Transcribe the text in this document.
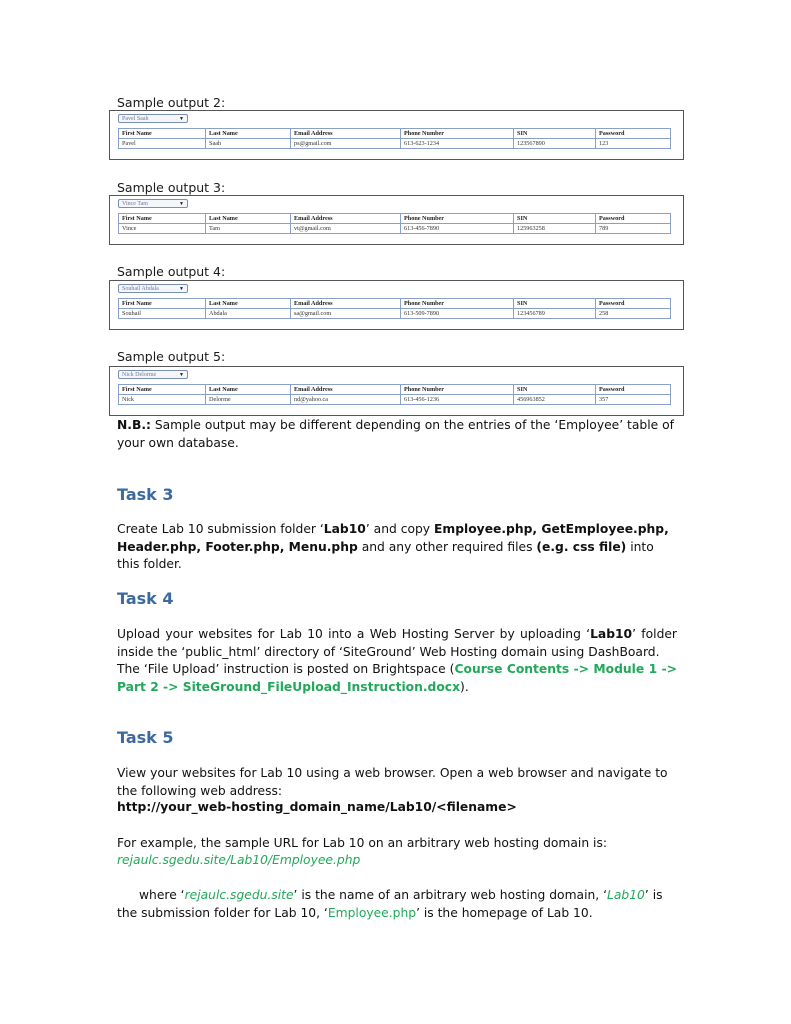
Sample output 2:
Pavel Saah	▼
First Name	Last Name	Email Address	Phone Number	SIN	Password
Pavel	Saah	ps@gmail.com	613-623-1234	123567890	123
Sample output 3:
Vince Tam	▼
First Name	Last Name	Email Address	Phone Number	SIN	Password
Vince	Tam	vt@gmail.com	613-456-7890	125963258	789
Sample output 4:
Souhail Abdala	▼
First Name	Last Name	Email Address	Phone Number	SIN	Password
Souhail	Abdala	sa@gmail.com	613-509-7890	123456789	258
Sample output 5:
Nick Delorme	▼
First Name	Last Name	Email Address	Phone Number	SIN	Password
Nick	Delorme	nd@yahoo.ca	613-456-1236	456963852	357
N.B.: Sample output may be different depending on the entries of the ‘Employee’ table of your own database.
Task 3
Create Lab 10 submission folder ‘Lab10’ and copy Employee.php, GetEmployee.php, Header.php, Footer.php, Menu.php and any other required files (e.g. css file) into this folder.
Task 4
Upload your websites for Lab 10 into a Web Hosting Server by uploading ‘Lab10’ folder inside the ‘public_html’ directory of ‘SiteGround’ Web Hosting domain using DashBoard.
The ‘File Upload’ instruction is posted on Brightspace (Course Contents -> Module 1 -> Part 2 -> SiteGround_FileUpload_Instruction.docx).
Task 5
View your websites for Lab 10 using a web browser. Open a web browser and navigate to the following web address:
http://your_web-hosting_domain_name/Lab10/<filename>
For example, the sample URL for Lab 10 on an arbitrary web hosting domain is:
rejaulc.sgedu.site/Lab10/Employee.php
where ‘rejaulc.sgedu.site’ is the name of an arbitrary web hosting domain, ‘Lab10’ is the submission folder for Lab 10, ‘Employee.php’ is the homepage of Lab 10.
